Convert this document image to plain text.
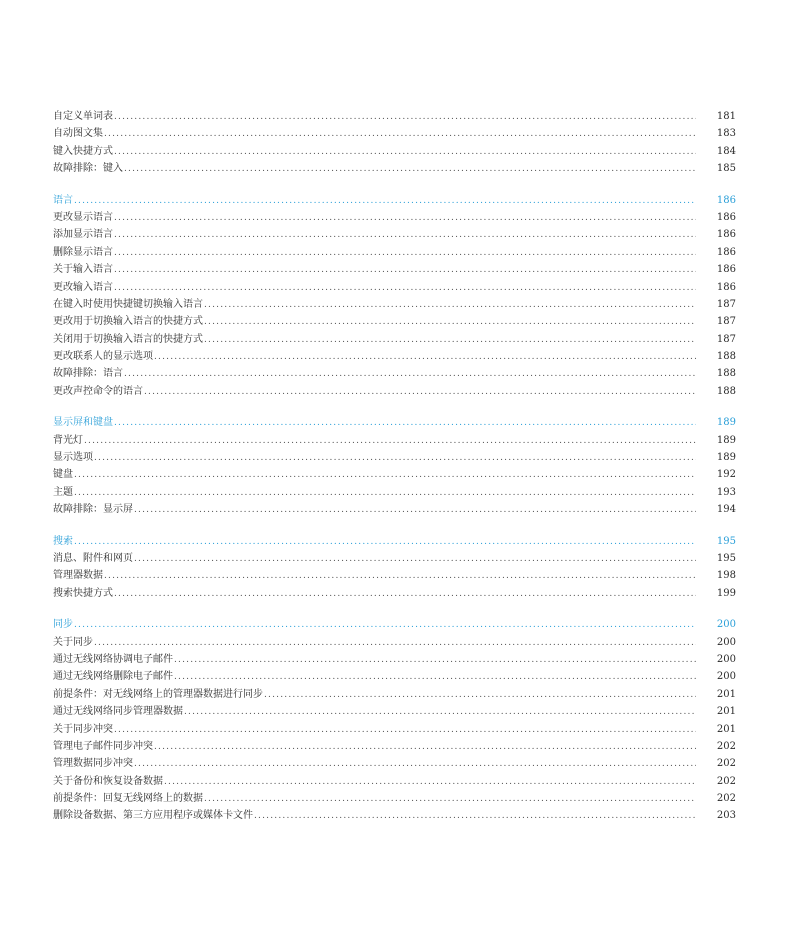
自定义单词表 .....	181
自动图文集 .....	183
键入快捷方式 .....	184
故障排除：键入 .....	185
语言 .....	186
更改显示语言 .....	186
添加显示语言 .....	186
删除显示语言 .....	186
关于输入语言 .....	186
更改输入语言 .....	186
在键入时使用快捷键切换输入语言 .....	187
更改用于切换输入语言的快捷方式 .....	187
关闭用于切换输入语言的快捷方式 .....	187
更改联系人的显示选项 .....	188
故障排除：语言 .....	188
更改声控命令的语言 .....	188
显示屏和键盘 .....	189
背光灯 .....	189
显示选项 .....	189
键盘 .....	192
主题 .....	193
故障排除：显示屏 .....	194
搜索 .....	195
消息、附件和网页 .....	195
管理器数据 .....	198
搜索快捷方式 .....	199
同步 .....	200
关于同步 .....	200
通过无线网络协调电子邮件 .....	200
通过无线网络删除电子邮件 .....	200
前提条件：对无线网络上的管理器数据进行同步 .....	201
通过无线网络同步管理器数据 .....	201
关于同步冲突 .....	201
管理电子邮件同步冲突 .....	202
管理数据同步冲突 .....	202
关于备份和恢复设备数据 .....	202
前提条件：回复无线网络上的数据 .....	202
删除设备数据、第三方应用程序或媒体卡文件 .....	203
